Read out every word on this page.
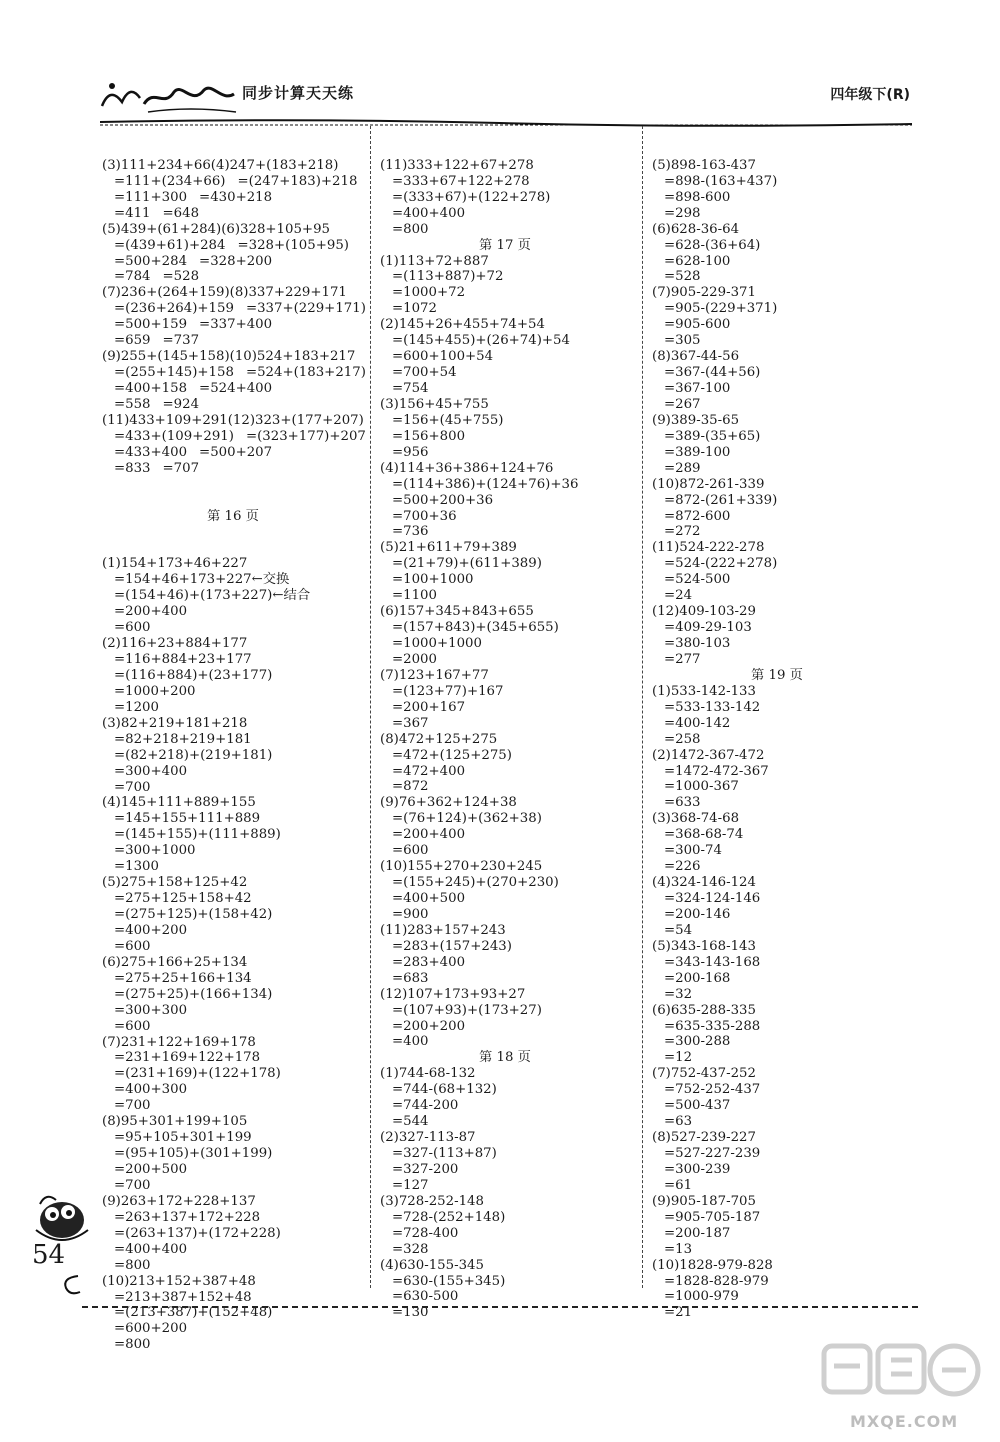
同步计算天天练	四年级下(R)

(3)111+234+66(4)247+(183+218)
=111+(234+66) =(247+183)+218
=111+300 =430+218
=411 =648
(5)439+(61+284)(6)328+105+95
=(439+61)+284 =328+(105+95)
=500+284 =328+200
=784 =528
(7)236+(264+159)(8)337+229+171
=(236+264)+159 =337+(229+171)
=500+159 =337+400
=659 =737
(9)255+(145+158)(10)524+183+217
=(255+145)+158 =524+(183+217)
=400+158 =524+400
=558 =924
(11)433+109+291(12)323+(177+207)
=433+(109+291) =(323+177)+207
=433+400 =500+207
=833 =707

第 16 页

(1)154+173+46+227
=154+46+173+227←交换
=(154+46)+(173+227)←结合
=200+400
=600
(2)116+23+884+177
=116+884+23+177
=(116+884)+(23+177)
=1000+200
=1200
(3)82+219+181+218
=82+218+219+181
=(82+218)+(219+181)
=300+400
=700
(4)145+111+889+155
=145+155+111+889
=(145+155)+(111+889)
=300+1000
=1300
(5)275+158+125+42
=275+125+158+42
=(275+125)+(158+42)
=400+200
=600
(6)275+166+25+134
=275+25+166+134
=(275+25)+(166+134)
=300+300
=600
(7)231+122+169+178
=231+169+122+178
=(231+169)+(122+178)
=400+300
=700
(8)95+301+199+105
=95+105+301+199
=(95+105)+(301+199)
=200+500
=700
(9)263+172+228+137
=263+137+172+228
=(263+137)+(172+228)
=400+400
=800
(10)213+152+387+48
=213+387+152+48
=(213+387)+(152+48)
=600+200
=800

(11)333+122+67+278
=333+67+122+278
=(333+67)+(122+278)
=400+400
=800
第 17 页
(1)113+72+887
=(113+887)+72
=1000+72
=1072
(2)145+26+455+74+54
=(145+455)+(26+74)+54
=600+100+54
=700+54
=754
(3)156+45+755
=156+(45+755)
=156+800
=956
(4)114+36+386+124+76
=(114+386)+(124+76)+36
=500+200+36
=700+36
=736
(5)21+611+79+389
=(21+79)+(611+389)
=100+1000
=1100
(6)157+345+843+655
=(157+843)+(345+655)
=1000+1000
=2000
(7)123+167+77
=(123+77)+167
=200+167
=367
(8)472+125+275
=472+(125+275)
=472+400
=872
(9)76+362+124+38
=(76+124)+(362+38)
=200+400
=600
(10)155+270+230+245
=(155+245)+(270+230)
=400+500
=900
(11)283+157+243
=283+(157+243)
=283+400
=683
(12)107+173+93+27
=(107+93)+(173+27)
=200+200
=400
第 18 页
(1)744-68-132
=744-(68+132)
=744-200
=544
(2)327-113-87
=327-(113+87)
=327-200
=127
(3)728-252-148
=728-(252+148)
=728-400
=328
(4)630-155-345
=630-(155+345)
=630-500
=130

(5)898-163-437
=898-(163+437)
=898-600
=298
(6)628-36-64
=628-(36+64)
=628-100
=528
(7)905-229-371
=905-(229+371)
=905-600
=305
(8)367-44-56
=367-(44+56)
=367-100
=267
(9)389-35-65
=389-(35+65)
=389-100
=289
(10)872-261-339
=872-(261+339)
=872-600
=272
(11)524-222-278
=524-(222+278)
=524-500
=24
(12)409-103-29
=409-29-103
=380-103
=277
第 19 页
(1)533-142-133
=533-133-142
=400-142
=258
(2)1472-367-472
=1472-472-367
=1000-367
=633
(3)368-74-68
=368-68-74
=300-74
=226
(4)324-146-124
=324-124-146
=200-146
=54
(5)343-168-143
=343-143-168
=200-168
=32
(6)635-288-335
=635-335-288
=300-288
=12
(7)752-437-252
=752-252-437
=500-437
=63
(8)527-239-227
=527-227-239
=300-239
=61
(9)905-187-705
=905-705-187
=200-187
=13
(10)1828-979-828
=1828-828-979
=1000-979
=21

54
MXQE.COM
